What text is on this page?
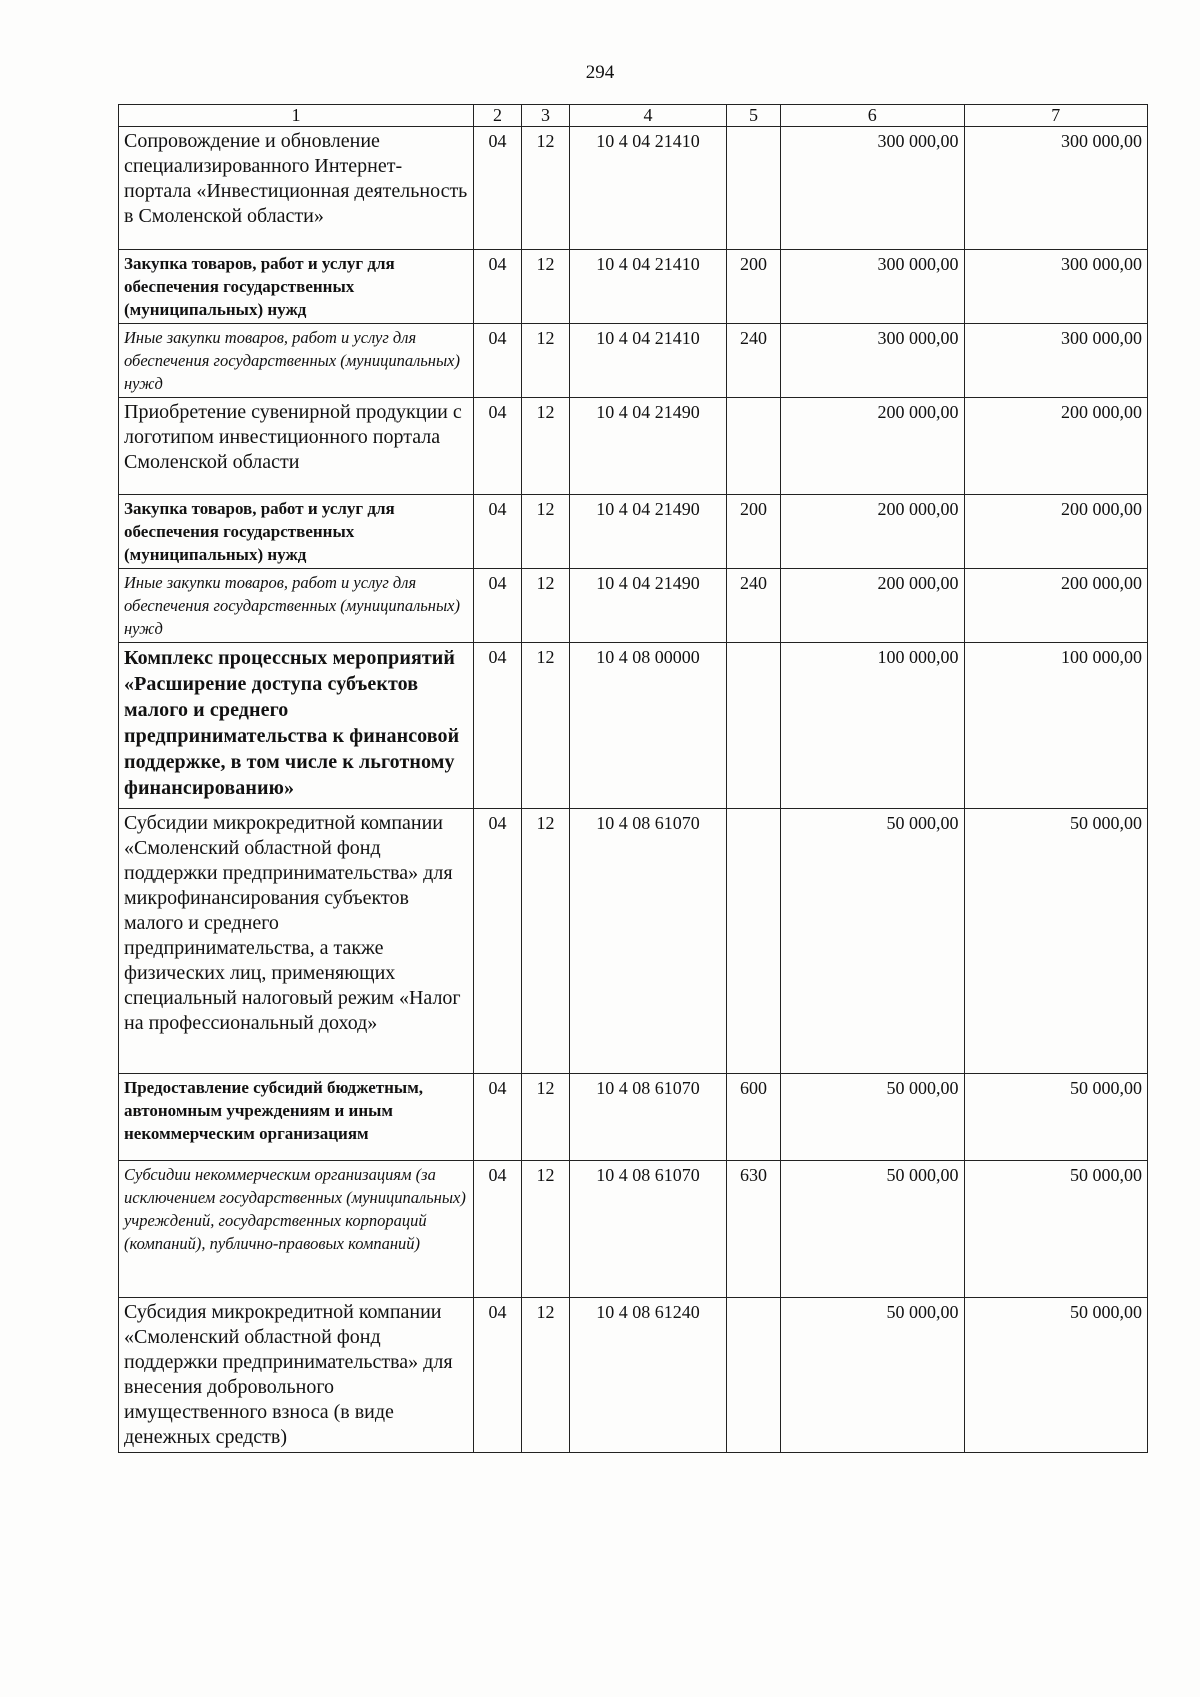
294
1	2	3	4	5	6	7
Сопровождение и обновление специализированного Интернет-портала «Инвестиционная деятельность в Смоленской области»	04	12	10 4 04 21410		300 000,00	300 000,00
Закупка товаров, работ и услуг для обеспечения государственных (муниципальных) нужд	04	12	10 4 04 21410	200	300 000,00	300 000,00
Иные закупки товаров, работ и услуг для обеспечения государственных (муниципальных) нужд	04	12	10 4 04 21410	240	300 000,00	300 000,00
Приобретение сувенирной продукции с логотипом инвестиционного портала Смоленской области	04	12	10 4 04 21490		200 000,00	200 000,00
Закупка товаров, работ и услуг для обеспечения государственных (муниципальных) нужд	04	12	10 4 04 21490	200	200 000,00	200 000,00
Иные закупки товаров, работ и услуг для обеспечения государственных (муниципальных) нужд	04	12	10 4 04 21490	240	200 000,00	200 000,00
Комплекс процессных мероприятий «Расширение доступа субъектов малого и среднего предпринимательства к финансовой поддержке, в том числе к льготному финансированию»	04	12	10 4 08 00000		100 000,00	100 000,00
Субсидии микрокредитной компании «Смоленский областной фонд поддержки предпринимательства» для микрофинансирования субъектов малого и среднего предпринимательства, а также физических лиц, применяющих специальный налоговый режим «Налог на профессиональный доход»	04	12	10 4 08 61070		50 000,00	50 000,00
Предоставление субсидий бюджетным, автономным учреждениям и иным некоммерческим организациям	04	12	10 4 08 61070	600	50 000,00	50 000,00
Субсидии некоммерческим организациям (за исключением государственных (муниципальных) учреждений, государственных корпораций (компаний), публично-правовых компаний)	04	12	10 4 08 61070	630	50 000,00	50 000,00
Субсидия микрокредитной компании «Смоленский областной фонд поддержки предпринимательства» для внесения добровольного имущественного взноса (в виде денежных средств)	04	12	10 4 08 61240		50 000,00	50 000,00
